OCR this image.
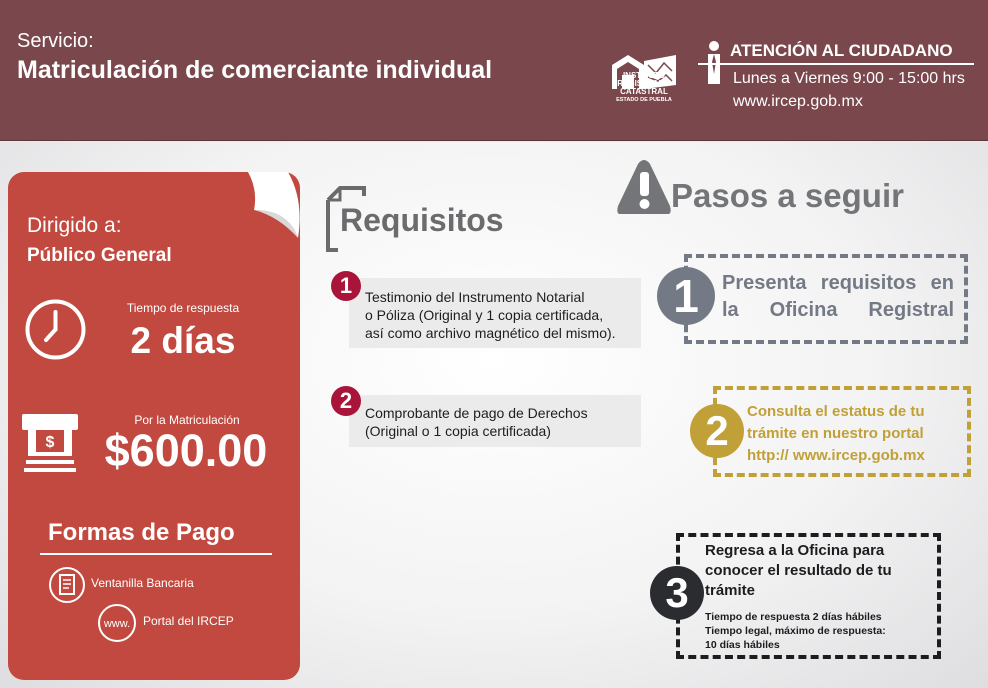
Servicio:
Matriculación de comerciante individual	INSTITUTO
REGISTRAL Y
CATASTRAL
ESTADO DE PUEBLA
ATENCIÓN AL CIUDADANO
Lunes a Viernes 9:00 - 15:00 hrs
www.ircep.gob.mx
Dirigido a:
Público General
Tiempo de respuesta
2 días
$
Por la Matriculación
$600.00
Formas de Pago
Ventanilla Bancaria
www. Portal del IRCEP
Requisitos
1 Testimonio del Instrumento Notarial
o Póliza (Original y 1 copia certificada,
así como archivo magnético del mismo).
2 Comprobante de pago de Derechos
(Original o 1 copia certificada)
Pasos a seguir
1	Presenta requisitos en
la Oficina Registral
2	Consulta el estatus de tu
trámite en nuestro portal
http:// www.ircep.gob.mx
3
Regresa a la Oficina para
conocer el resultado de tu
trámite
Tiempo de respuesta 2 días hábiles
Tiempo legal, máximo de respuesta:
10 días hábiles
